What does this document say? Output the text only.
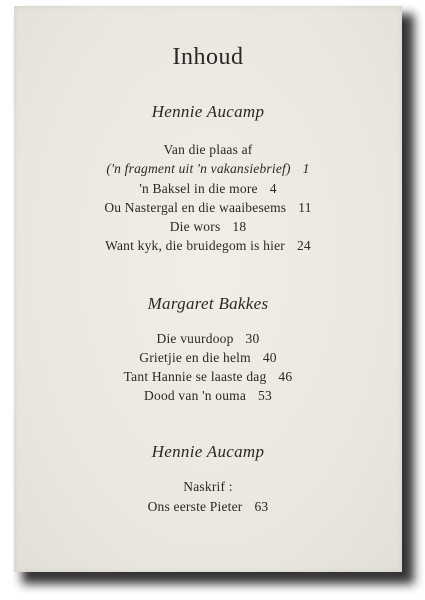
Inhoud
Hennie Aucamp
Van die plaas af
('n fragment uit 'n vakansiebrief) 1
'n Baksel in die more 4
Ou Nastergal en die waaibesems 11
Die wors 18
Want kyk, die bruidegom is hier 24
Margaret Bakkes
Die vuurdoop 30
Grietjie en die helm 40
Tant Hannie se laaste dag 46
Dood van 'n ouma 53
Hennie Aucamp
Naskrif :
Ons eerste Pieter 63
